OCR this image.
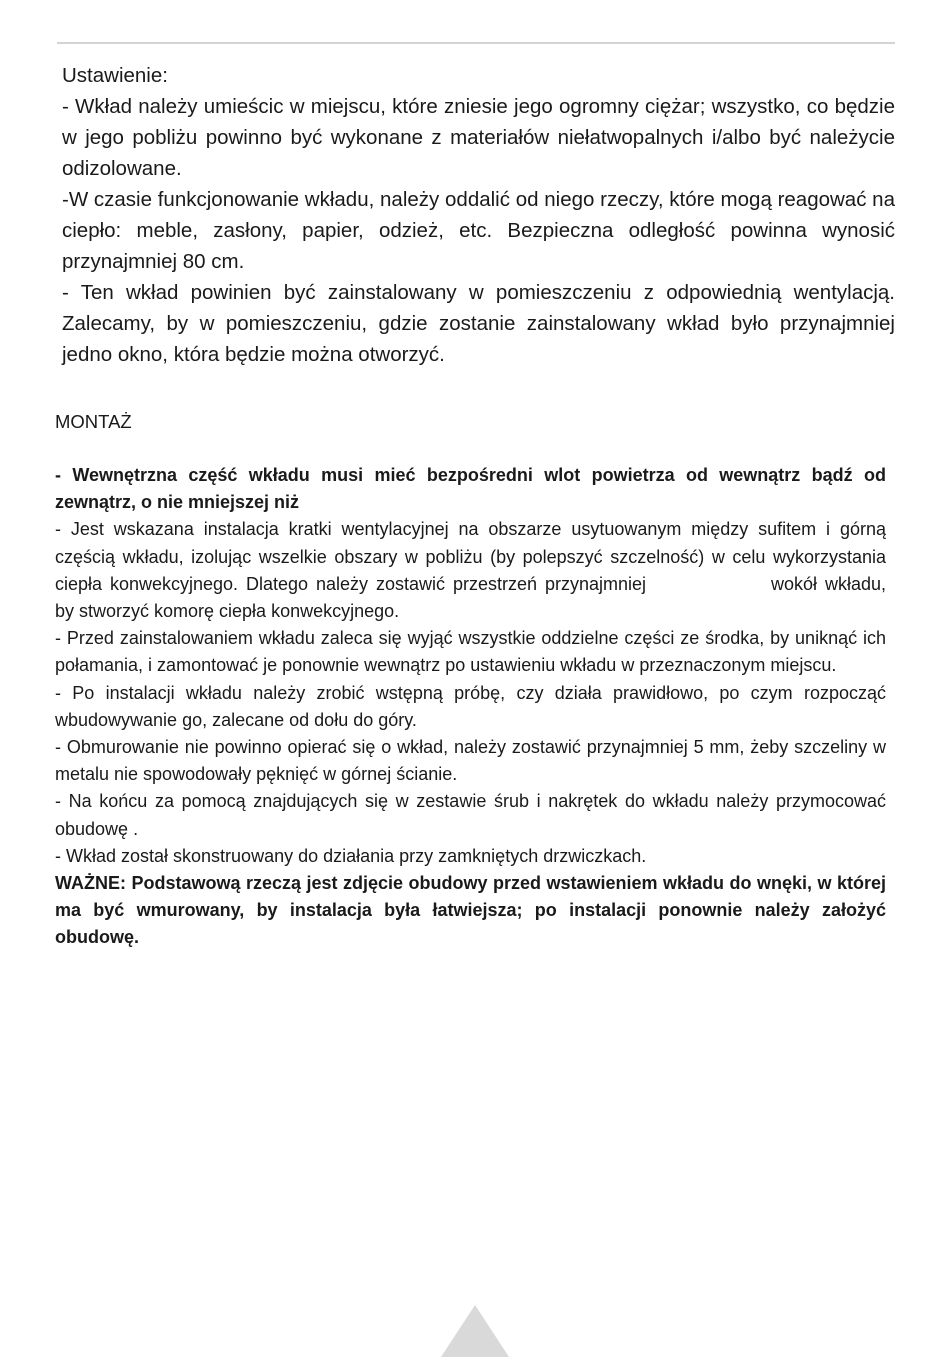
Ustawienie:
- Wkład należy umieścic w miejscu, które zniesie jego ogromny ciężar; wszystko, co będzie w jego pobliżu powinno być wykonane z materiałów niełatwopalnych i/albo być należycie odizolowane.
-W czasie funkcjonowanie wkładu, należy oddalić od niego rzeczy, które mogą reagować na ciepło: meble, zasłony, papier, odzież, etc. Bezpieczna odległość powinna wynosić przynajmniej 80 cm.
- Ten wkład powinien być zainstalowany w pomieszczeniu z odpowiednią wentylacją. Zalecamy, by w pomieszczeniu, gdzie zostanie zainstalowany wkład było przynajmniej jedno okno, która będzie można otworzyć.
MONTAŻ
- Wewnętrzna część wkładu musi mieć bezpośredni wlot powietrza od wewnątrz bądź od zewnątrz, o nie mniejszej niż
- Jest wskazana instalacja kratki wentylacyjnej na obszarze usytuowanym między sufitem i górną częścią wkładu, izolując wszelkie obszary w pobliżu (by polepszyć szczelność) w celu wykorzystania ciepła konwekcyjnego. Dlatego należy zostawić przestrzeń przynajmniej	wokół wkładu, by stworzyć komorę ciepła konwekcyjnego.
- Przed zainstalowaniem wkładu zaleca się wyjąć wszystkie oddzielne części ze środka, by uniknąć ich połamania, i zamontować je ponownie wewnątrz po ustawieniu wkładu w przeznaczonym miejscu.
- Po instalacji wkładu należy zrobić wstępną próbę, czy działa prawidłowo, po czym rozpocząć wbudowywanie go, zalecane od dołu do góry.
- Obmurowanie nie powinno opierać się o wkład, należy zostawić przynajmniej 5 mm, żeby szczeliny w metalu nie spowodowały pęknięć w górnej ścianie.
- Na końcu za pomocą znajdujących się w zestawie śrub i nakrętek do wkładu należy przymocować obudowę .
- Wkład został skonstruowany do działania przy zamkniętych drzwiczkach.
WAŻNE: Podstawową rzeczą jest zdjęcie obudowy przed wstawieniem wkładu do wnęki, w której ma być wmurowany, by instalacja była łatwiejsza; po instalacji ponownie należy założyć obudowę.
